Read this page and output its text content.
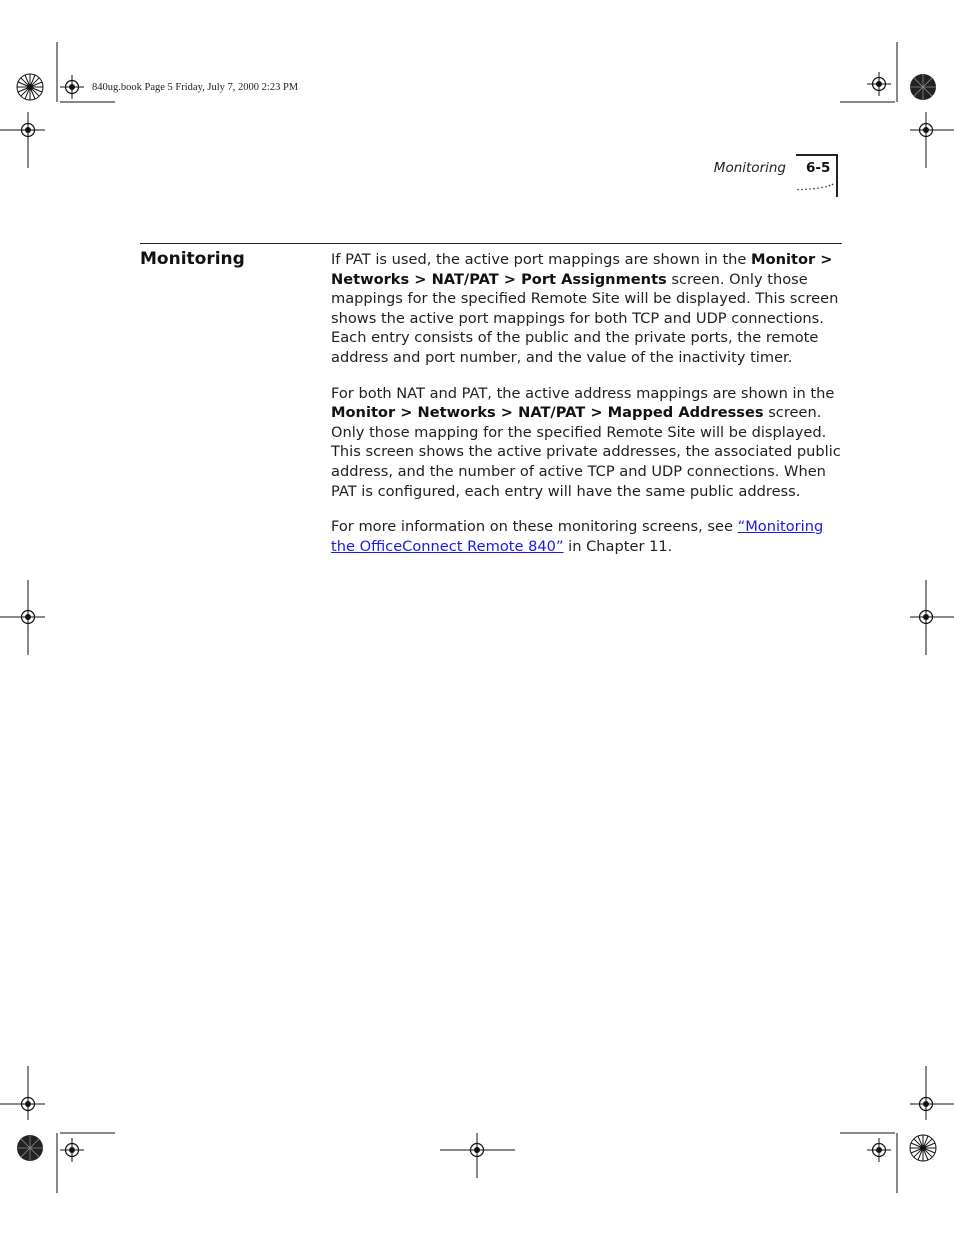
840ug.book Page 5 Friday, July 7, 2000 2:23 PM
Monitoring 6-5
Monitoring	If PAT is used, the active port mappings are shown in the Monitor > Networks > NAT/PAT > Port Assignments screen. Only those mappings for the specified Remote Site will be displayed. This screen shows the active port mappings for both TCP and UDP connections. Each entry consists of the public and the private ports, the remote address and port number, and the value of the inactivity timer.

For both NAT and PAT, the active address mappings are shown in the Monitor > Networks > NAT/PAT > Mapped Addresses screen. Only those mapping for the specified Remote Site will be displayed. This screen shows the active private addresses, the associated public address, and the number of active TCP and UDP connections. When PAT is configured, each entry will have the same public address.

For more information on these monitoring screens, see “Monitoring the OfficeConnect Remote 840” in Chapter 11.
